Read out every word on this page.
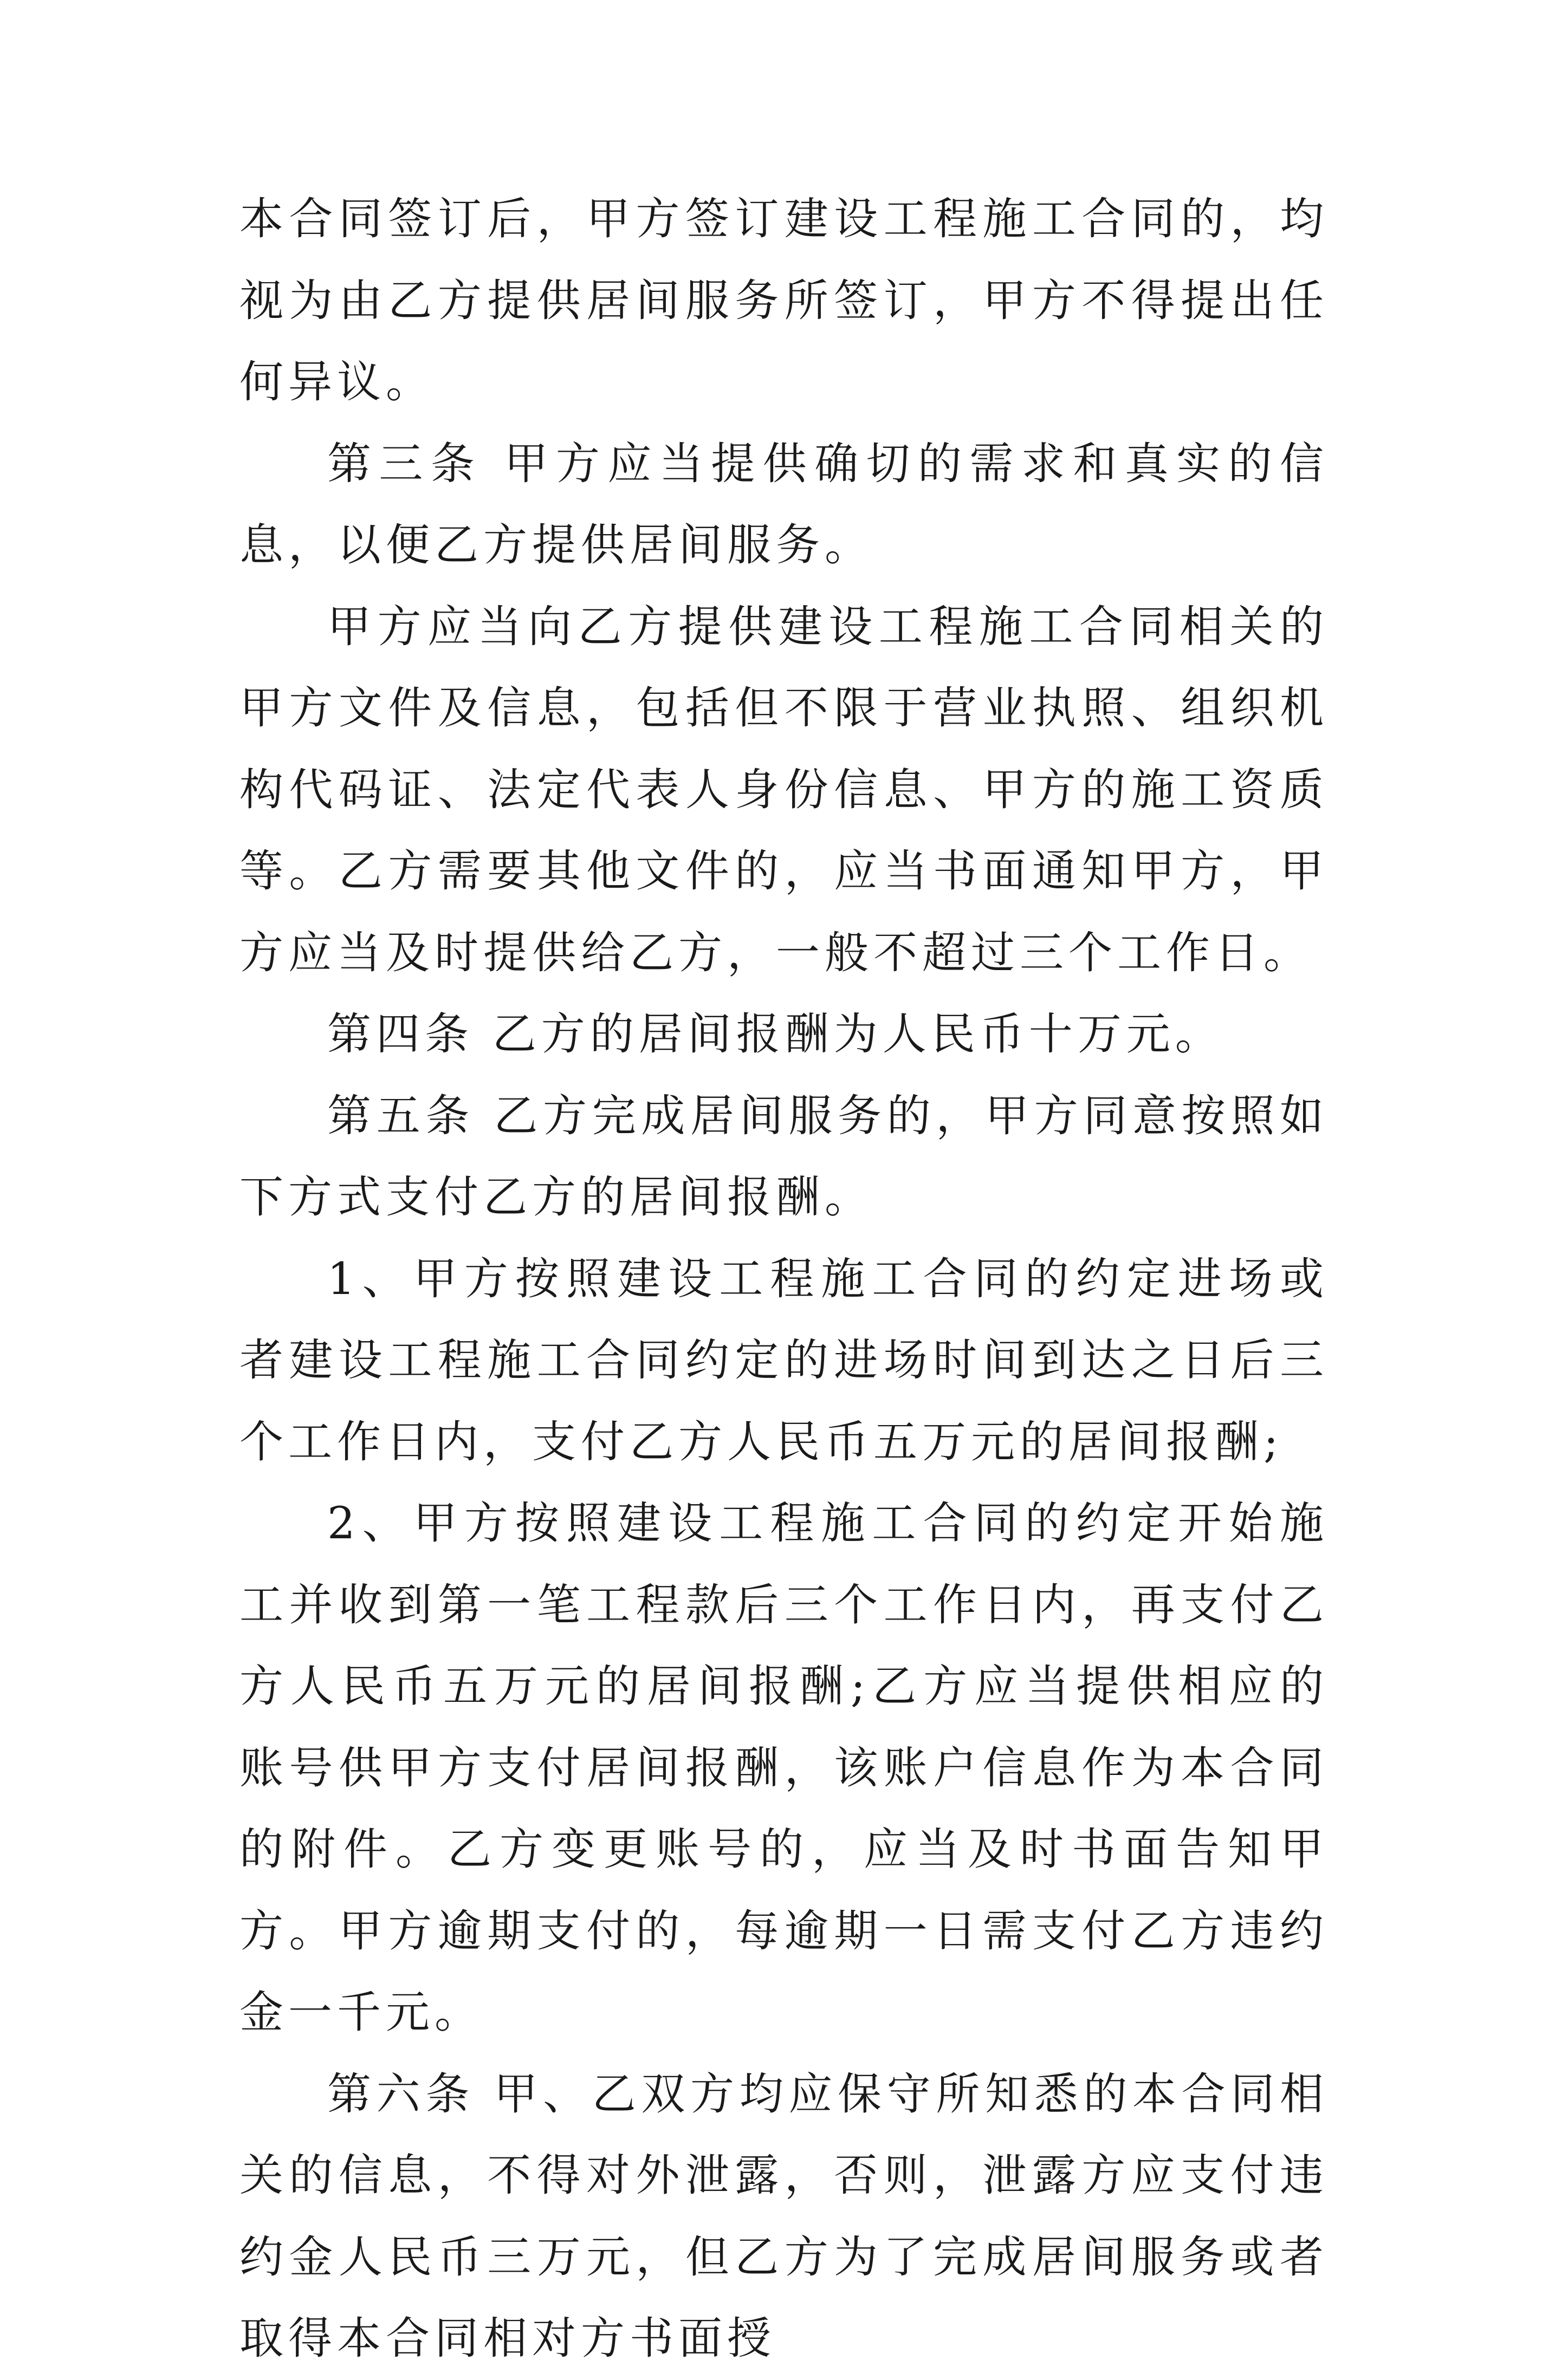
本合同签订后，甲方签订建设工程施工合同的，均视为由乙方提供居间服务所签订，甲方不得提出任何异议。

第三条 甲方应当提供确切的需求和真实的信息，以便乙方提供居间服务。

甲方应当向乙方提供建设工程施工合同相关的甲方文件及信息，包括但不限于营业执照、组织机构代码证、法定代表人身份信息、甲方的施工资质等。乙方需要其他文件的，应当书面通知甲方，甲方应当及时提供给乙方，一般不超过三个工作日。

第四条 乙方的居间报酬为人民币十万元。

第五条 乙方完成居间服务的，甲方同意按照如下方式支付乙方的居间报酬。

1、甲方按照建设工程施工合同的约定进场或者建设工程施工合同约定的进场时间到达之日后三个工作日内，支付乙方人民币五万元的居间报酬;

2、甲方按照建设工程施工合同的约定开始施工并收到第一笔工程款后三个工作日内，再支付乙方人民币五万元的居间报酬;乙方应当提供相应的账号供甲方支付居间报酬，该账户信息作为本合同的附件。乙方变更账号的，应当及时书面告知甲方。甲方逾期支付的，每逾期一日需支付乙方违约金一千元。

第六条 甲、乙双方均应保守所知悉的本合同相关的信息，不得对外泄露，否则，泄露方应支付违约金人民币三万元，但乙方为了完成居间服务或者取得本合同相对方书面授
